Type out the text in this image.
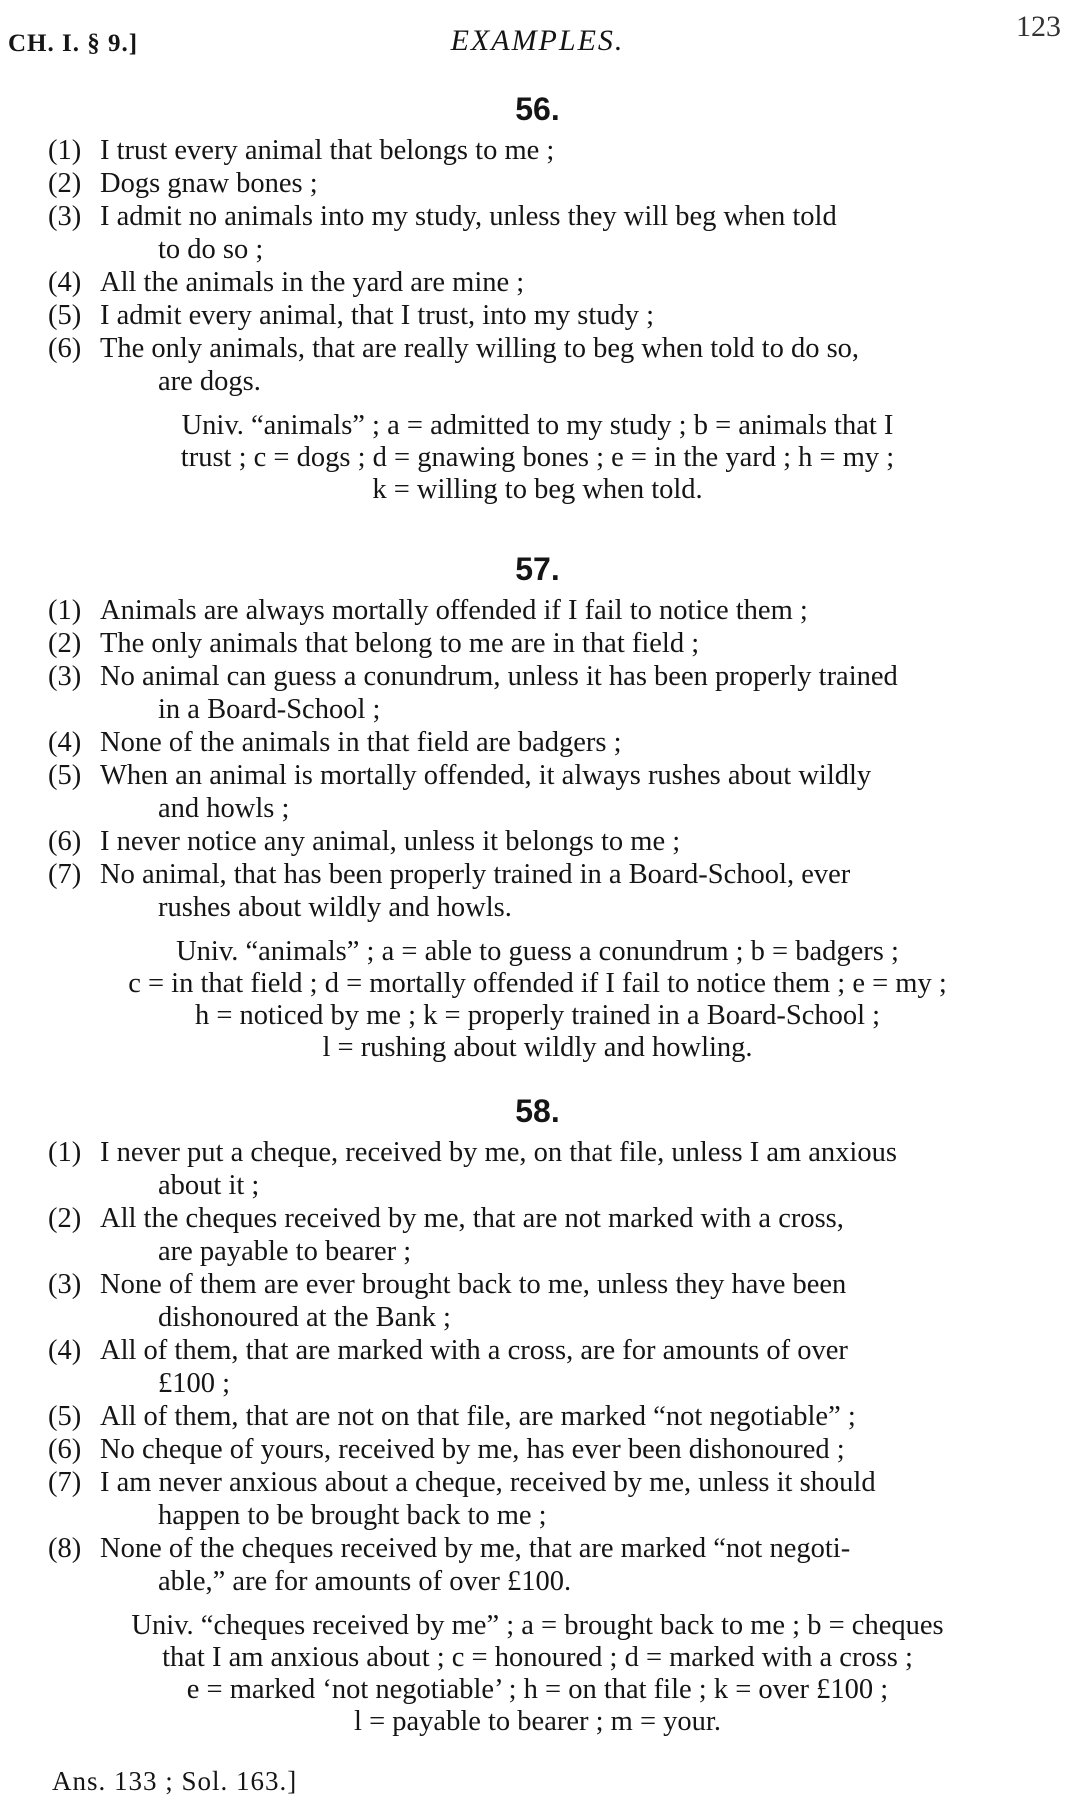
CH. I. § 9.]	EXAMPLES.	123
56.
(1) I trust every animal that belongs to me ;
(2) Dogs gnaw bones ;
(3) I admit no animals into my study, unless they will beg when told
to do so ;
(4) All the animals in the yard are mine ;
(5) I admit every animal, that I trust, into my study ;
(6) The only animals, that are really willing to beg when told to do so,
are dogs.
Univ. “animals” ; a = admitted to my study ; b = animals that I
trust ; c = dogs ; d = gnawing bones ; e = in the yard ; h = my ;
k = willing to beg when told.
57.
(1) Animals are always mortally offended if I fail to notice them ;
(2) The only animals that belong to me are in that field ;
(3) No animal can guess a conundrum, unless it has been properly trained
in a Board-School ;
(4) None of the animals in that field are badgers ;
(5) When an animal is mortally offended, it always rushes about wildly
and howls ;
(6) I never notice any animal, unless it belongs to me ;
(7) No animal, that has been properly trained in a Board-School, ever
rushes about wildly and howls.
Univ. “animals” ; a = able to guess a conundrum ; b = badgers ;
c = in that field ; d = mortally offended if I fail to notice them ; e = my ;
h = noticed by me ; k = properly trained in a Board-School ;
l = rushing about wildly and howling.
58.
(1) I never put a cheque, received by me, on that file, unless I am anxious
about it ;
(2) All the cheques received by me, that are not marked with a cross,
are payable to bearer ;
(3) None of them are ever brought back to me, unless they have been
dishonoured at the Bank ;
(4) All of them, that are marked with a cross, are for amounts of over
£100 ;
(5) All of them, that are not on that file, are marked “not negotiable” ;
(6) No cheque of yours, received by me, has ever been dishonoured ;
(7) I am never anxious about a cheque, received by me, unless it should
happen to be brought back to me ;
(8) None of the cheques received by me, that are marked “not negoti-
able,” are for amounts of over £100.
Univ. “cheques received by me” ; a = brought back to me ; b = cheques
that I am anxious about ; c = honoured ; d = marked with a cross ;
e = marked ‘not negotiable’ ; h = on that file ; k = over £100 ;
l = payable to bearer ; m = your.
Ans. 133 ; Sol. 163.]
